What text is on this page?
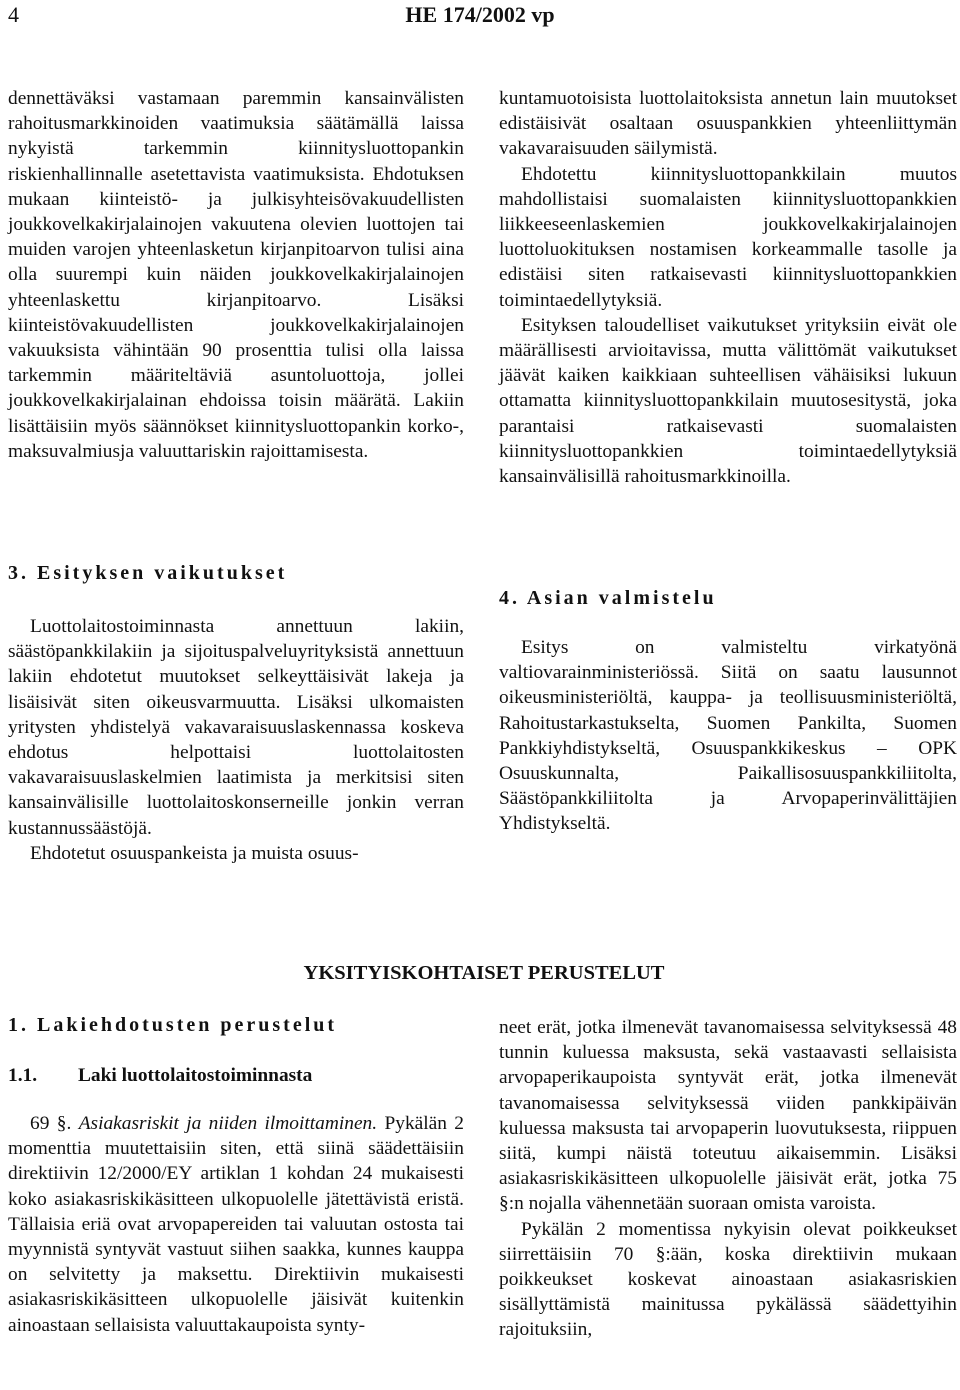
4	HE 174/2002 vp

dennettäväksi vastamaan paremmin kansainvälisten rahoitusmarkkinoiden vaatimuksia säätämällä laissa nykyistä tarkemmin kiinnitysluottopankin riskienhallinnalle asetettavista vaatimuksista. Ehdotuksen mukaan kiinteistö- ja julkisyhteisövakuudellisten joukkovelkakirjalainojen vakuutena olevien luottojen tai muiden varojen yhteenlasketun kirjanpitoarvon tulisi aina olla suurempi kuin näiden joukkovelkakirjalainojen yhteenlaskettu kirjanpitoarvo. Lisäksi kiinteistövakuudellisten joukkovelkakirjalainojen vakuuksista vähintään 90 prosenttia tulisi olla laissa tarkemmin määriteltäviä asuntoluottoja, jollei joukkovelkakirjalainan ehdoissa toisin määrätä. Lakiin lisättäisiin myös säännökset kiinnitysluottopankin korko-, maksuvalmiusja valuuttariskin rajoittamisesta.

3. Esityksen vaikutukset

Luottolaitostoiminnasta annettuun lakiin, säästöpankkilakiin ja sijoituspalveluyrityksistä annettuun lakiin ehdotetut muutokset selkeyttäisivät lakeja ja lisäisivät siten oikeusvarmuutta. Lisäksi ulkomaisten yritysten yhdistelyä vakavaraisuuslaskennassa koskeva ehdotus helpottaisi luottolaitosten vakavaraisuuslaskelmien laatimista ja merkitsisi siten kansainvälisille luottolaitoskonserneille jonkin verran kustannussäästöjä.

Ehdotetut osuuspankeista ja muista osuus-

kuntamuotoisista luottolaitoksista annetun lain muutokset edistäisivät osaltaan osuuspankkien yhteenliittymän vakavaraisuuden säilymistä.

Ehdotettu kiinnitysluottopankkilain muutos mahdollistaisi suomalaisten kiinnitysluottopankkien liikkeeseenlaskemien joukkovelkakirjalainojen luottoluokituksen nostamisen korkeammalle tasolle ja edistäisi siten ratkaisevasti kiinnitysluottopankkien toimintaedellytyksiä.

Esityksen taloudelliset vaikutukset yrityksiin eivät ole määrällisesti arvioitavissa, mutta välittömät vaikutukset jäävät kaiken kaikkiaan suhteellisen vähäisiksi lukuun ottamatta kiinnitysluottopankkilain muutosesitystä, joka parantaisi ratkaisevasti suomalaisten kiinnitysluottopankkien toimintaedellytyksiä kansainvälisillä rahoitusmarkkinoilla.

4. Asian valmistelu

Esitys on valmisteltu virkatyönä valtiovarainministeriössä. Siitä on saatu lausunnot oikeusministeriöltä, kauppa- ja teollisuusministeriöltä, Rahoitustarkastukselta, Suomen Pankilta, Suomen Pankkiyhdistykseltä, Osuuspankkikeskus – OPK Osuuskunnalta, Paikallisosuuspankkiliitolta, Säästöpankkiliitolta ja Arvopaperinvälittäjien Yhdistykseltä.

YKSITYISKOHTAISET PERUSTELUT
1. Lakiehdotusten perustelut
1.1. Laki luottolaitostoiminnasta

69 §. Asiakasriskit ja niiden ilmoittaminen. Pykälän 2 momenttia muutettaisiin siten, että siinä säädettäisiin direktiivin 12/2000/EY artiklan 1 kohdan 24 mukaisesti koko asiakasriskikäsitteen ulkopuolelle jätettävistä eristä. Tällaisia eriä ovat arvopapereiden tai valuutan ostosta tai myynnistä syntyvät vastuut siihen saakka, kunnes kauppa on selvitetty ja maksettu. Direktiivin mukaisesti asiakasriskikäsitteen ulkopuolelle jäisivät kuitenkin ainoastaan sellaisista valuuttakaupoista synty-

neet erät, jotka ilmenevät tavanomaisessa selvityksessä 48 tunnin kuluessa maksusta, sekä vastaavasti sellaisista arvopaperikaupoista syntyvät erät, jotka ilmenevät tavanomaisessa selvityksessä viiden pankkipäivän kuluessa maksusta tai arvopaperin luovutuksesta, riippuen siitä, kumpi näistä toteutuu aikaisemmin. Lisäksi asiakasriskikäsitteen ulkopuolelle jäisivät erät, jotka 75 §:n nojalla vähennetään suoraan omista varoista.

Pykälän 2 momentissa nykyisin olevat poikkeukset siirrettäisiin 70 §:ään, koska direktiivin mukaan poikkeukset koskevat ainoastaan asiakasriskien sisällyttämistä mainitussa pykälässä säädettyihin rajoituksiin,
